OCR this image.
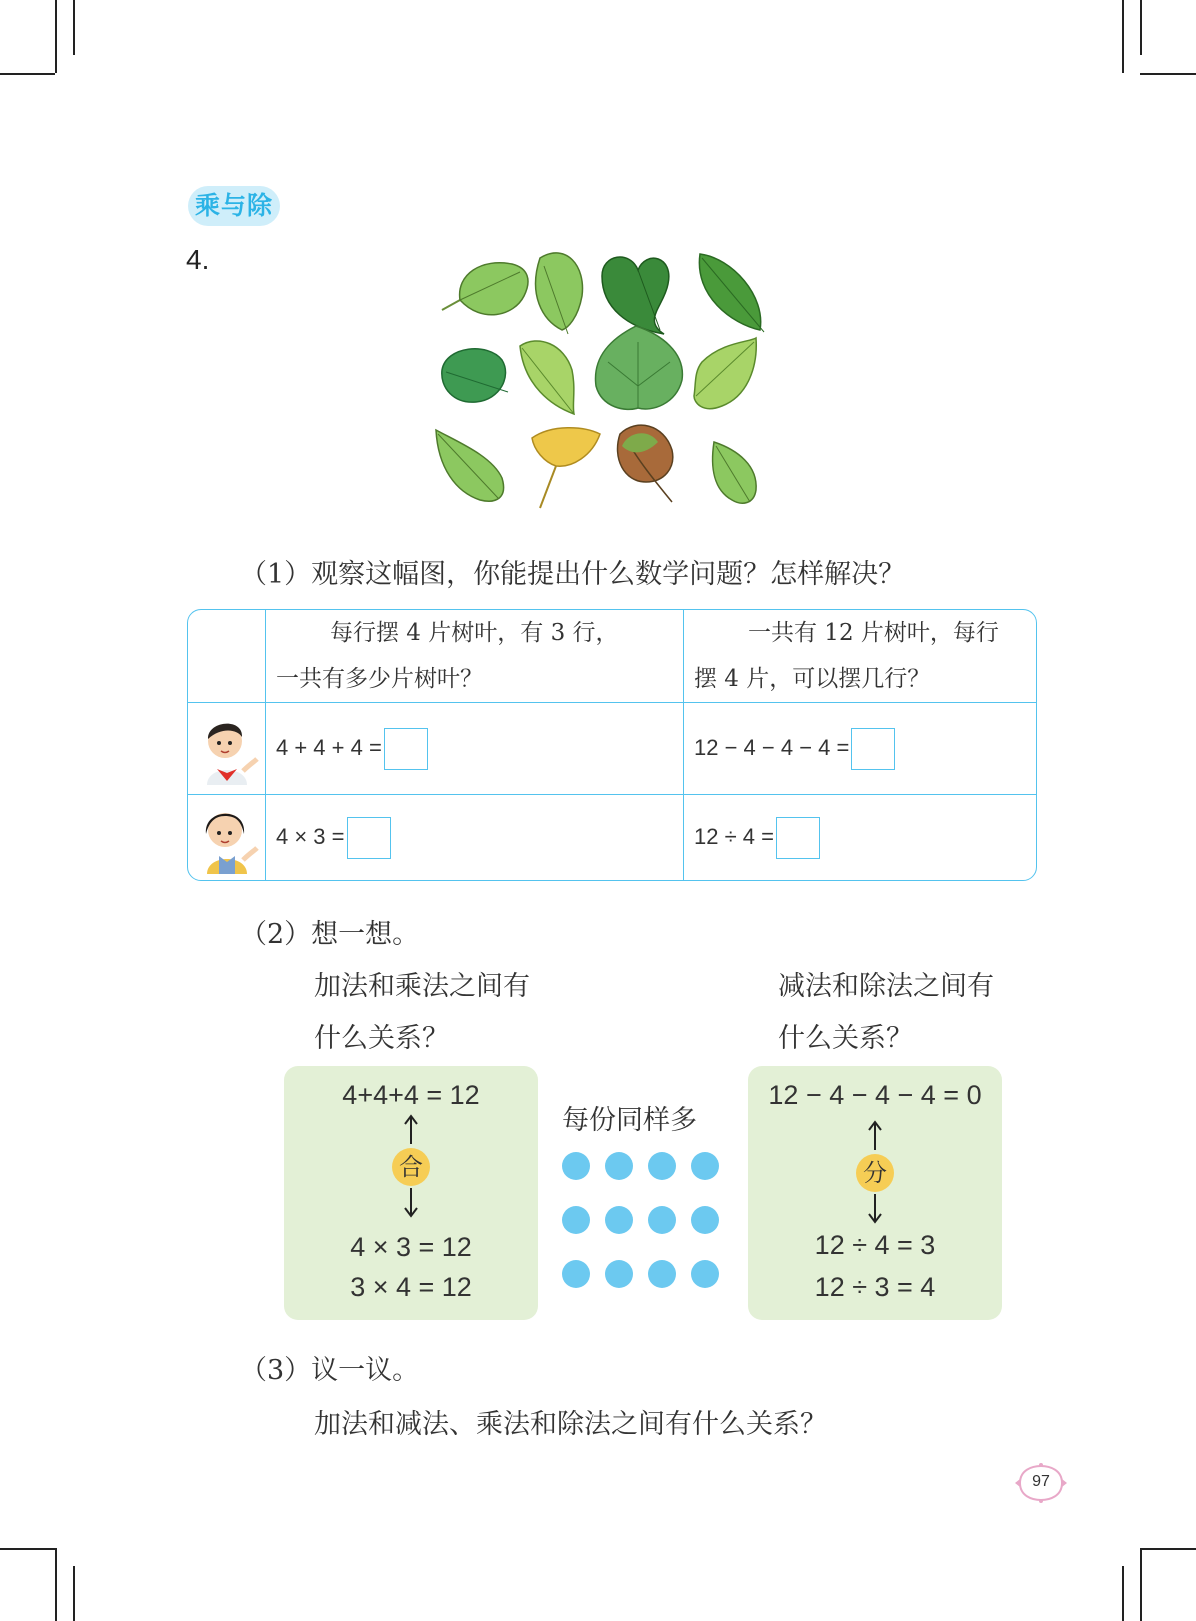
乘与除
4.
（1）观察这幅图，你能提出什么数学问题？怎样解决？
	每行摆 4 片树叶，有 3 行，
一共有多少片树叶？	一共有 12 片树叶，每行
摆 4 片，可以摆几行？
	4 + 4 + 4 =	12 − 4 − 4 − 4 =
	4 × 3 =	12 ÷ 4 =
（2）想一想。
加法和乘法之间有
什么关系？
减法和除法之间有
什么关系？
4+4+4 = 12
合
4 × 3 = 12
3 × 4 = 12
每份同样多
12 − 4 − 4 − 4 = 0
分
12 ÷ 4 = 3
12 ÷ 3 = 4
（3）议一议。
加法和减法、乘法和除法之间有什么关系？
97
